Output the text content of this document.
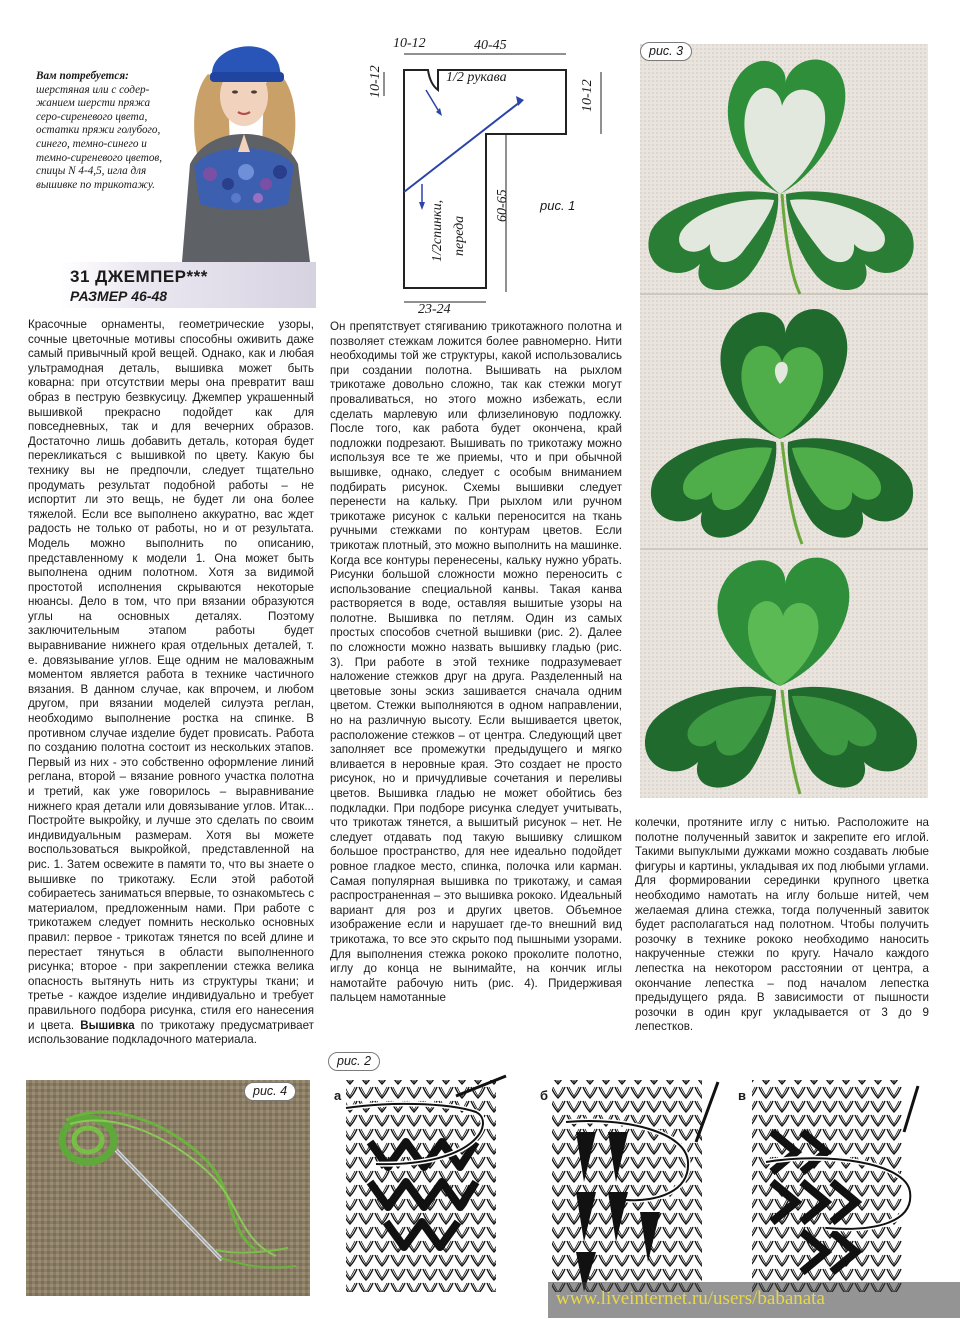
Вам потребуется:
шерстяная или с содер-
жанием шерсти пряжа
серо-сиреневого цвета,
остатки пряжи голубого,
синего, темно-синего и
темно-сиреневого цветов,
спицы N 4-4,5, игла для
вышивке по трикотажу.
31 ДЖЕМПЕР***
РАЗМЕР 46-48
10-12	40-45
10-12	10-12
60-65
23-24
1/2 рукава
1/2спинки, переда
рис. 1

Красочные орнаменты, геометрические узоры, сочные цветочные мотивы способны оживить даже самый привычный крой вещей. Однако, как и любая ультрамодная деталь, вышивка может быть коварна: при отсутствии меры она превратит ваш образ в пеструю безвкусицу. Джемпер украшенный вышивкой прекрасно подойдет как для повседневных, так и для вечерних образов. Достаточно лишь добавить деталь, которая будет перекликаться с вышивкой по цвету. Какую бы технику вы не предпочли, следует тщательно продумать результат подобной работы – не испортит ли это вещь, не будет ли она более тяжелой. Если все выполнено аккуратно, вас ждет радость не только от работы, но и от результата. Модель можно выполнить по описанию, представленному к модели 1. Она может быть выполнена одним полотном. Хотя за видимой простотой исполнения скрываются некоторые нюансы. Дело в том, что при вязании образуются углы на основных деталях. Поэтому заключительным этапом работы будет выравнивание нижнего края отдельных деталей, т. е. довязывание углов. Еще одним не маловажным моментом является работа в технике частичного вязания. В данном случае, как впрочем, и любом другом, при вязании моделей силуэта реглан, необходимо выполнение ростка на спинке. В противном случае изделие будет провисать. Работа по созданию полотна состоит из нескольких этапов. Первый из них - это собственно оформление линий реглана, второй – вязание ровного участка полотна и третий, как уже говорилось – выравнивание нижнего края детали или довязывание углов. Итак... Постройте выкройку, и лучше это сделать по своим индивидуальным размерам. Хотя вы можете воспользоваться выкройкой, представленной на рис. 1. Затем освежите в памяти то, что вы знаете о вышивке по трикотажу. Если этой работой собираетесь заниматься впервые, то ознакомьтесь с материалом, предложенным нами. При работе с трикотажем следует помнить несколько основных правил: первое - трикотаж тянется по всей длине и перестает тянуться в области выполненного рисунка; второе - при закреплении стежка велика опасность вытянуть нить из структуры ткани; и третье - каждое изделие индивидуально и требует правильного подбора рисунка, стиля его нанесения и цвета. Вышивка по трикотажу предусматривает использование подкладочного материала.

Он препятствует стягиванию трикотажного полотна и позволяет стежкам ложится более равномерно. Нити необходимы той же структуры, какой использовались при создании полотна. Вышивать на рыхлом трикотаже довольно сложно, так как стежки могут проваливаться, но этого можно избежать, если сделать марлевую или флизелиновую подложку. После того, как работа будет окончена, край подложки подрезают. Вышивать по трикотажу можно используя все те же приемы, что и при обычной вышивке, однако, следует с особым вниманием подбирать рисунок. Схемы вышивки следует перенести на кальку. При рыхлом или ручном трикотаже рисунок с кальки переносится на ткань ручными стежками по контурам цветов. Если трикотаж плотный, это можно выполнить на машинке. Когда все контуры перенесены, кальку нужно убрать. Рисунки большой сложности можно переносить с использование специальной канвы. Такая канва растворяется в воде, оставляя вышитые узоры на полотне. Вышивка по петлям. Один из самых простых способов счетной вышивки (рис. 2). Далее по сложности можно назвать вышивку гладью (рис. 3). При работе в этой технике подразумевает наложение стежков друг на друга. Разделенный на цветовые зоны эскиз зашивается сначала одним цветом. Стежки выполняются в одном направлении, но на различную высоту. Если вышивается цветок, расположение стежков – от центра. Следующий цвет заполняет все промежутки предыдущего и мягко вливается в неровные края. Это создает не просто рисунок, но и причудливые сочетания и переливы цветов. Вышивка гладью не может обойтись без подкладки. При подборе рисунка следует учитывать, что трикотаж тянется, а вышитый рисунок – нет. Не следует отдавать под такую вышивку слишком большое пространство, для нее идеально подойдет ровное гладкое место, спинка, полочка или карман. Самая популярная вышивка по трикотажу, и самая распространенная – это вышивка рококо. Идеальный вариант для роз и других цветов. Объемное изображение если и нарушает где-то внешний вид трикотажа, то все это скрыто под пышными узорами. Для выполнения стежка рококо проколите полотно, иглу до конца не вынимайте, на кончик иглы намотайте рабочую нить (рис. 4). Придерживая пальцем намотанные

колечки, протяните иглу с нитью. Расположите на полотне полученный завиток и закрепите его иглой. Такими выпуклыми дужками можно создавать любые фигуры и картины, укладывая их под любыми углами. Для формировании серединки крупного цветка необходимо намотать на иглу больше нитей, чем желаемая длина стежка, тогда полученный завиток будет располагаться над полотном. Чтобы получить розочку в технике рококо необходимо наносить накрученные стежки по кругу. Начало каждого лепестка на некотором расстоянии от центра, а окончание лепестка – под началом лепестка предыдущего ряда. В зависимости от пышности розочки в один круг укладывается от 3 до 9 лепестков.

рис. 3
рис. 4
рис. 2
а	б	в
www.liveinternet.ru/users/babanata
